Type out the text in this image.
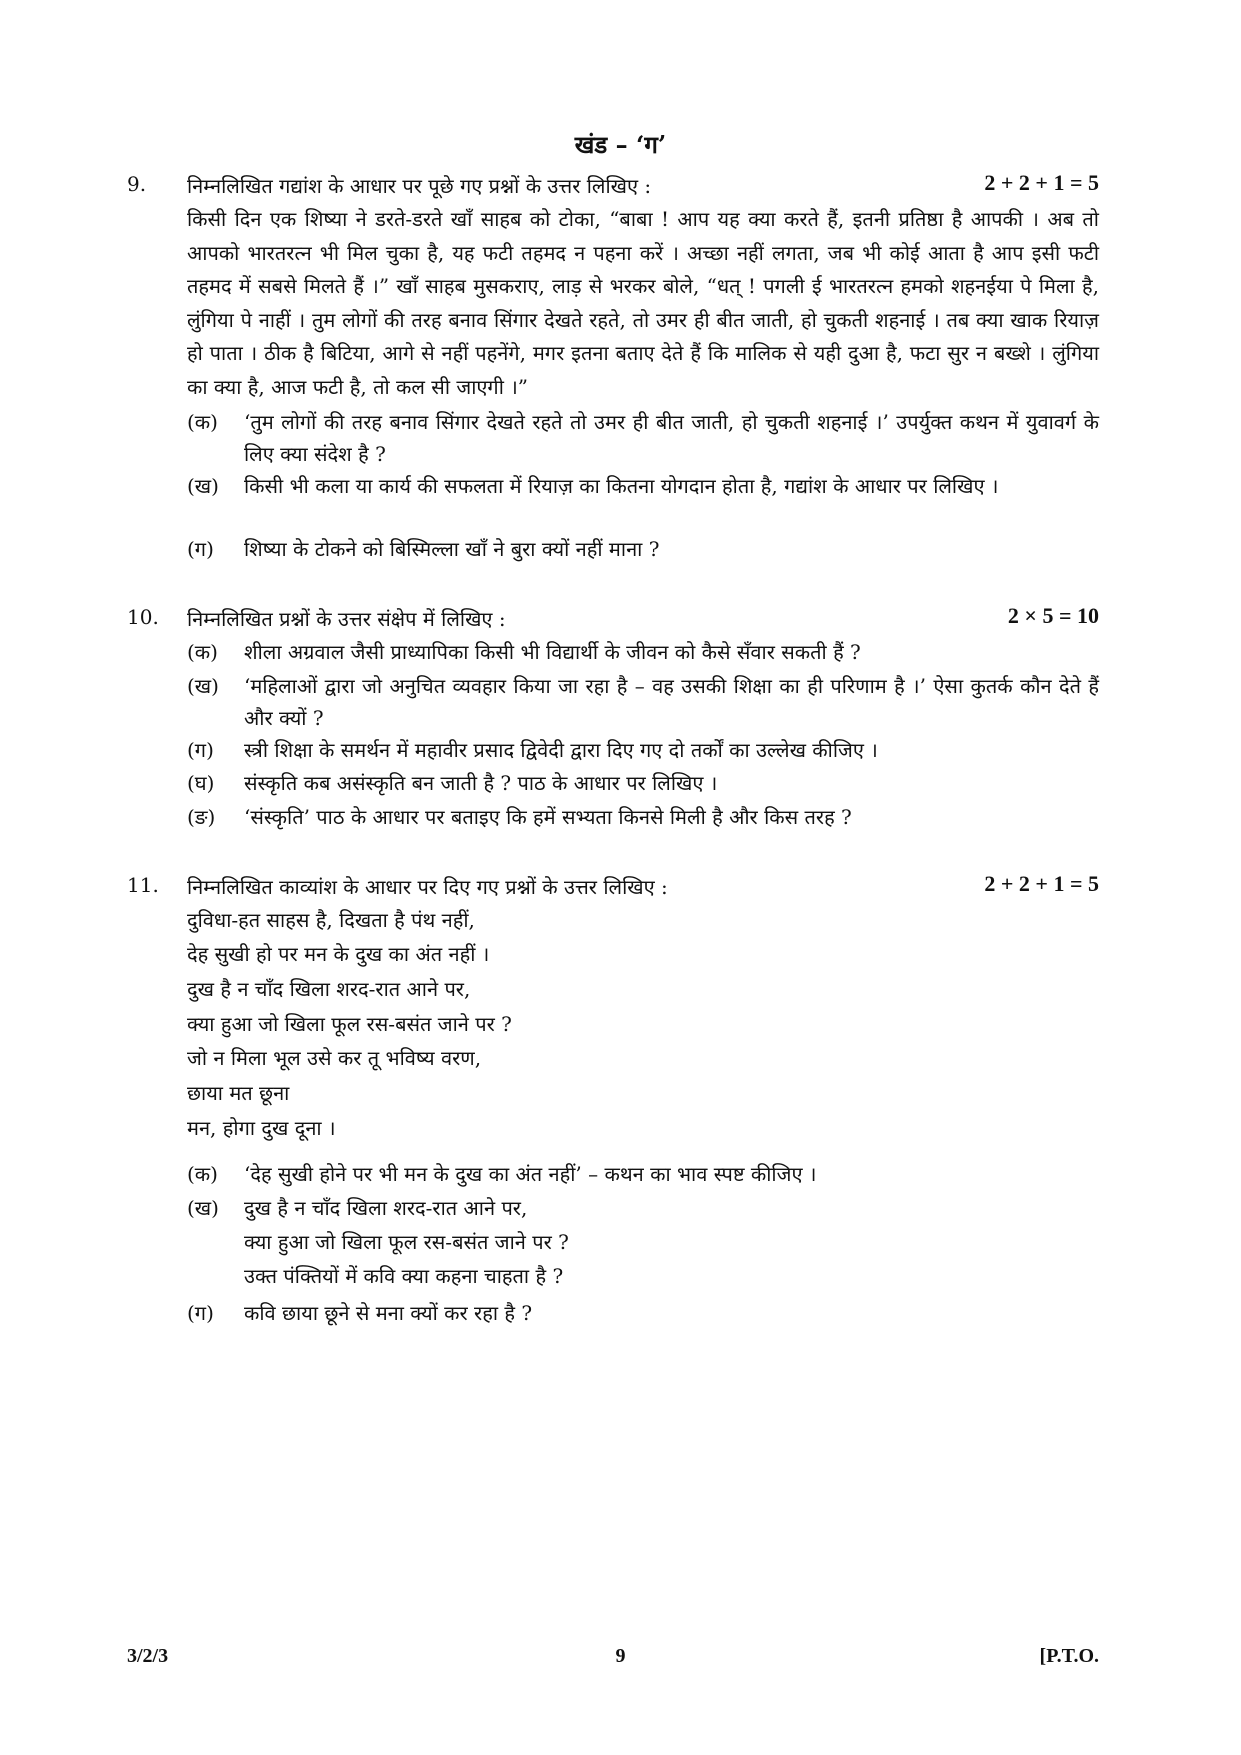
खंड – ‘ग’
9. निम्नलिखित गद्यांश के आधार पर पूछे गए प्रश्नों के उत्तर लिखिए :	2 + 2 + 1 = 5
किसी दिन एक शिष्या ने डरते-डरते खाँ साहब को टोका, “बाबा ! आप यह क्या करते हैं, इतनी प्रतिष्ठा है आपकी । अब तो आपको भारतरत्न भी मिल चुका है, यह फटी तहमद न पहना करें । अच्छा नहीं लगता, जब भी कोई आता है आप इसी फटी तहमद में सबसे मिलते हैं ।” खाँ साहब मुसकराए, लाड़ से भरकर बोले, “धत् ! पगली ई भारतरत्न हमको शहनईया पे मिला है, लुंगिया पे नाहीं । तुम लोगों की तरह बनाव सिंगार देखते रहते, तो उमर ही बीत जाती, हो चुकती शहनाई । तब क्या खाक रियाज़ हो पाता । ठीक है बिटिया, आगे से नहीं पहनेंगे, मगर इतना बताए देते हैं कि मालिक से यही दुआ है, फटा सुर न बख्शे । लुंगिया का क्या है, आज फटी है, तो कल सी जाएगी ।”
(क)	‘तुम लोगों की तरह बनाव सिंगार देखते रहते तो उमर ही बीत जाती, हो चुकती शहनाई ।’ उपर्युक्त कथन में युवावर्ग के लिए क्या संदेश है ?
(ख)	किसी भी कला या कार्य की सफलता में रियाज़ का कितना योगदान होता है, गद्यांश के आधार पर लिखिए ।
(ग)	शिष्या के टोकने को बिस्मिल्ला खाँ ने बुरा क्यों नहीं माना ?
10. निम्नलिखित प्रश्नों के उत्तर संक्षेप में लिखिए :	2 × 5 = 10
(क)	शीला अग्रवाल जैसी प्राध्यापिका किसी भी विद्यार्थी के जीवन को कैसे सँवार सकती हैं ?
(ख)	‘महिलाओं द्वारा जो अनुचित व्यवहार किया जा रहा है – वह उसकी शिक्षा का ही परिणाम है ।’ ऐसा कुतर्क कौन देते हैं और क्यों ?
(ग)	स्त्री शिक्षा के समर्थन में महावीर प्रसाद द्विवेदी द्वारा दिए गए दो तर्कों का उल्लेख कीजिए ।
(घ)	संस्कृति कब असंस्कृति बन जाती है ? पाठ के आधार पर लिखिए ।
(ङ)	‘संस्कृति’ पाठ के आधार पर बताइए कि हमें सभ्यता किनसे मिली है और किस तरह ?
11. निम्नलिखित काव्यांश के आधार पर दिए गए प्रश्नों के उत्तर लिखिए :	2 + 2 + 1 = 5
दुविधा-हत साहस है, दिखता है पंथ नहीं,
देह सुखी हो पर मन के दुख का अंत नहीं ।
दुख है न चाँद खिला शरद-रात आने पर,
क्या हुआ जो खिला फूल रस-बसंत जाने पर ?
जो न मिला भूल उसे कर तू भविष्य वरण,
छाया मत छूना
मन, होगा दुख दूना ।
(क)	‘देह सुखी होने पर भी मन के दुख का अंत नहीं’ – कथन का भाव स्पष्ट कीजिए ।
(ख)	दुख है न चाँद खिला शरद-रात आने पर,
क्या हुआ जो खिला फूल रस-बसंत जाने पर ?
उक्त पंक्तियों में कवि क्या कहना चाहता है ?
(ग)	कवि छाया छूने से मना क्यों कर रहा है ?
3/2/3	9	[P.T.O.
